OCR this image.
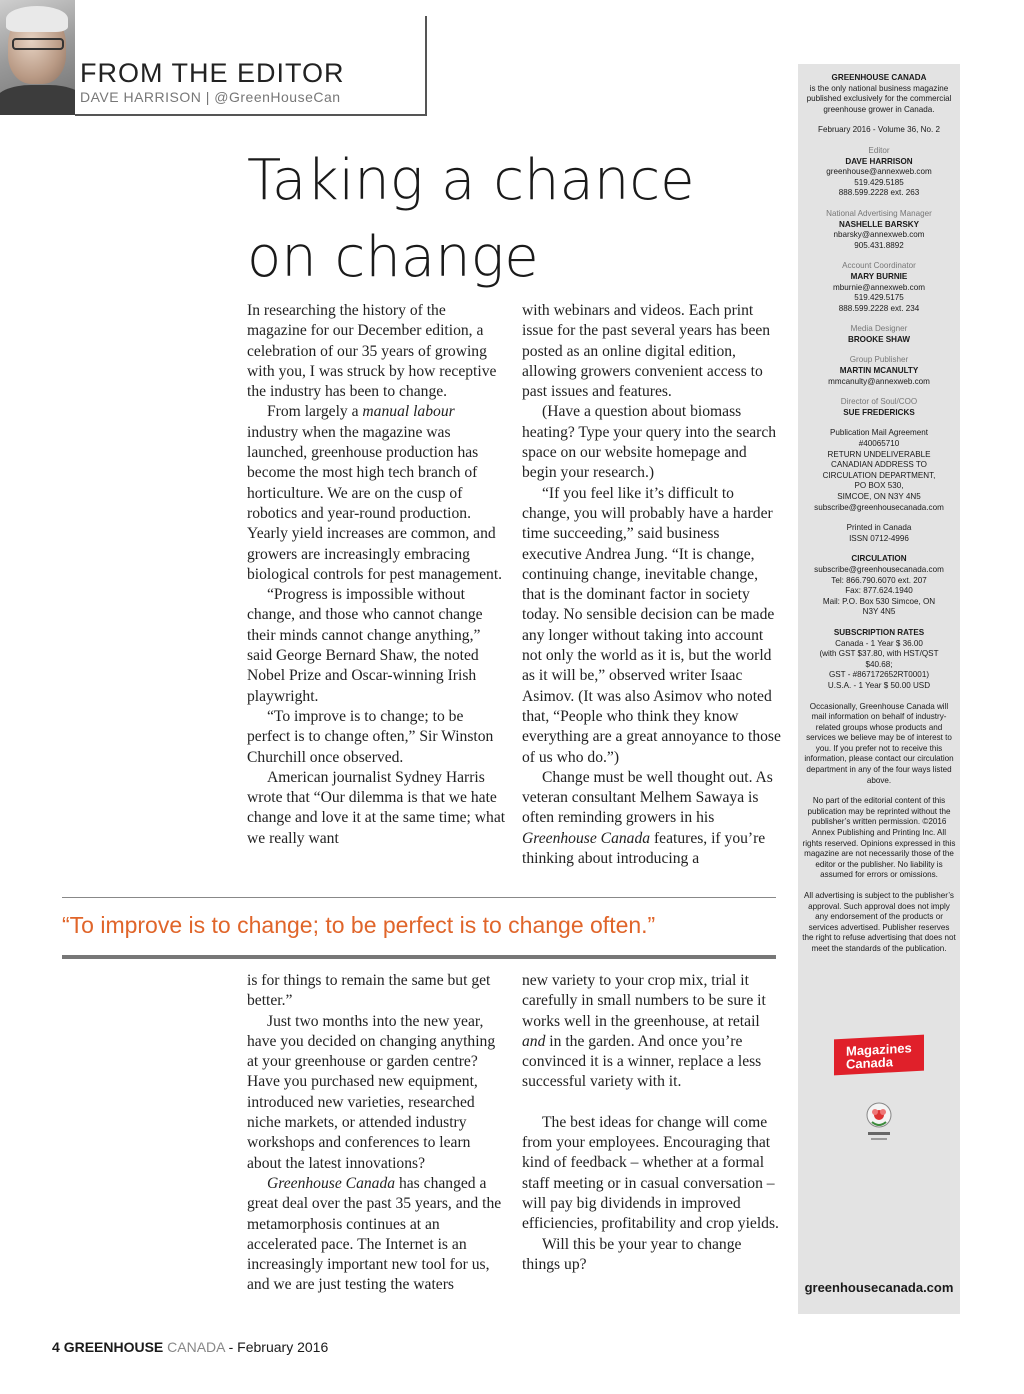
FROM THE EDITOR
DAVE HARRISON | @GreenHouseCan
Taking a chance
on change

In researching the history of the magazine for our December edition, a celebration of our 35 years of growing with you, I was struck by how receptive the industry has been to change.

From largely a manual labour industry when the magazine was launched, greenhouse production has become the most high tech branch of horticulture. We are on the cusp of robotics and year-round production. Yearly yield increases are common, and growers are increasingly embracing biological controls for pest management.

“Progress is impossible without change, and those who cannot change their minds cannot change anything,” said George Bernard Shaw, the noted Nobel Prize and Oscar-winning Irish playwright.

“To improve is to change; to be perfect is to change often,” Sir Winston Churchill once observed.

American journalist Sydney Harris wrote that “Our dilemma is that we hate change and love it at the same time; what we really want

with webinars and videos. Each print issue for the past several years has been posted as an online digital edition, allowing growers convenient access to past issues and features.

(Have a question about biomass heating? Type your query into the search space on our website homepage and begin your research.)

“If you feel like it’s difficult to change, you will probably have a harder time succeeding,” said business executive Andrea Jung. “It is change, continuing change, inevitable change, that is the dominant factor in society today. No sensible decision can be made any longer without taking into account not only the world as it is, but the world as it will be,” observed writer Isaac Asimov. (It was also Asimov who noted that, “People who think they know everything are a great annoyance to those of us who do.”)

Change must be well thought out. As veteran consultant Melhem Sawaya is often reminding growers in his Greenhouse Canada features, if you’re thinking about introducing a

“To improve is to change; to be perfect is to change often.”

is for things to remain the same but get better.”

Just two months into the new year, have you decided on changing anything at your greenhouse or garden centre? Have you purchased new equipment, introduced new varieties, researched niche markets, or attended industry workshops and conferences to learn about the latest innovations?

Greenhouse Canada has changed a great deal over the past 35 years, and the metamorphosis continues at an accelerated pace. The Internet is an increasingly important new tool for us, and we are just testing the waters

new variety to your crop mix, trial it carefully in small numbers to be sure it works well in the greenhouse, at retail and in the garden. And once you’re convinced it is a winner, replace a less successful variety with it.

The best ideas for change will come from your employees. Encouraging that kind of feedback – whether at a formal staff meeting or in casual conversation – will pay big dividends in improved efficiencies, profitability and crop yields.

Will this be your year to change things up?

GREENHOUSE CANADA
is the only national business magazine published exclusively for the commercial greenhouse grower in Canada.
February 2016 - Volume 36, No. 2
Editor
DAVE HARRISON
greenhouse@annexweb.com
519.429.5185
888.599.2228 ext. 263
National Advertising Manager
NASHELLE BARSKY
nbarsky@annexweb.com
905.431.8892
Account Coordinator
MARY BURNIE
mburnie@annexweb.com
519.429.5175
888.599.2228 ext. 234
Media Designer
BROOKE SHAW
Group Publisher
MARTIN MCANULTY
mmcanulty@annexweb.com
Director of Soul/COO
SUE FREDERICKS
Publication Mail Agreement
#40065710
RETURN UNDELIVERABLE
CANADIAN ADDRESS TO
CIRCULATION DEPARTMENT,
PO BOX 530,
SIMCOE, ON N3Y 4N5
subscribe@greenhousecanada.com
Printed in Canada
ISSN 0712-4996
CIRCULATION
subscribe@greenhousecanada.com
Tel: 866.790.6070 ext. 207
Fax: 877.624.1940
Mail: P.O. Box 530 Simcoe, ON
N3Y 4N5
SUBSCRIPTION RATES
Canada - 1 Year $ 36.00
(with GST $37.80, with HST/QST
$40.68;
GST - #867172652RT0001)
U.S.A. - 1 Year $ 50.00 USD
Occasionally, Greenhouse Canada will mail information on behalf of industry-related groups whose products and services we believe may be of interest to you. If you prefer not to receive this information, please contact our circulation department in any of the four ways listed above.
No part of the editorial content of this publication may be reprinted without the publisher’s written permission. ©2016 Annex Publishing and Printing Inc. All rights reserved. Opinions expressed in this magazine are not necessarily those of the editor or the publisher. No liability is assumed for errors or omissions.
All advertising is subject to the publisher’s approval. Such approval does not imply any endorsement of the products or services advertised. Publisher reserves the right to refuse advertising that does not meet the standards of the publication.
Magazines
Canada
greenhousecanada.com
4 GREENHOUSE CANADA - February 2016
